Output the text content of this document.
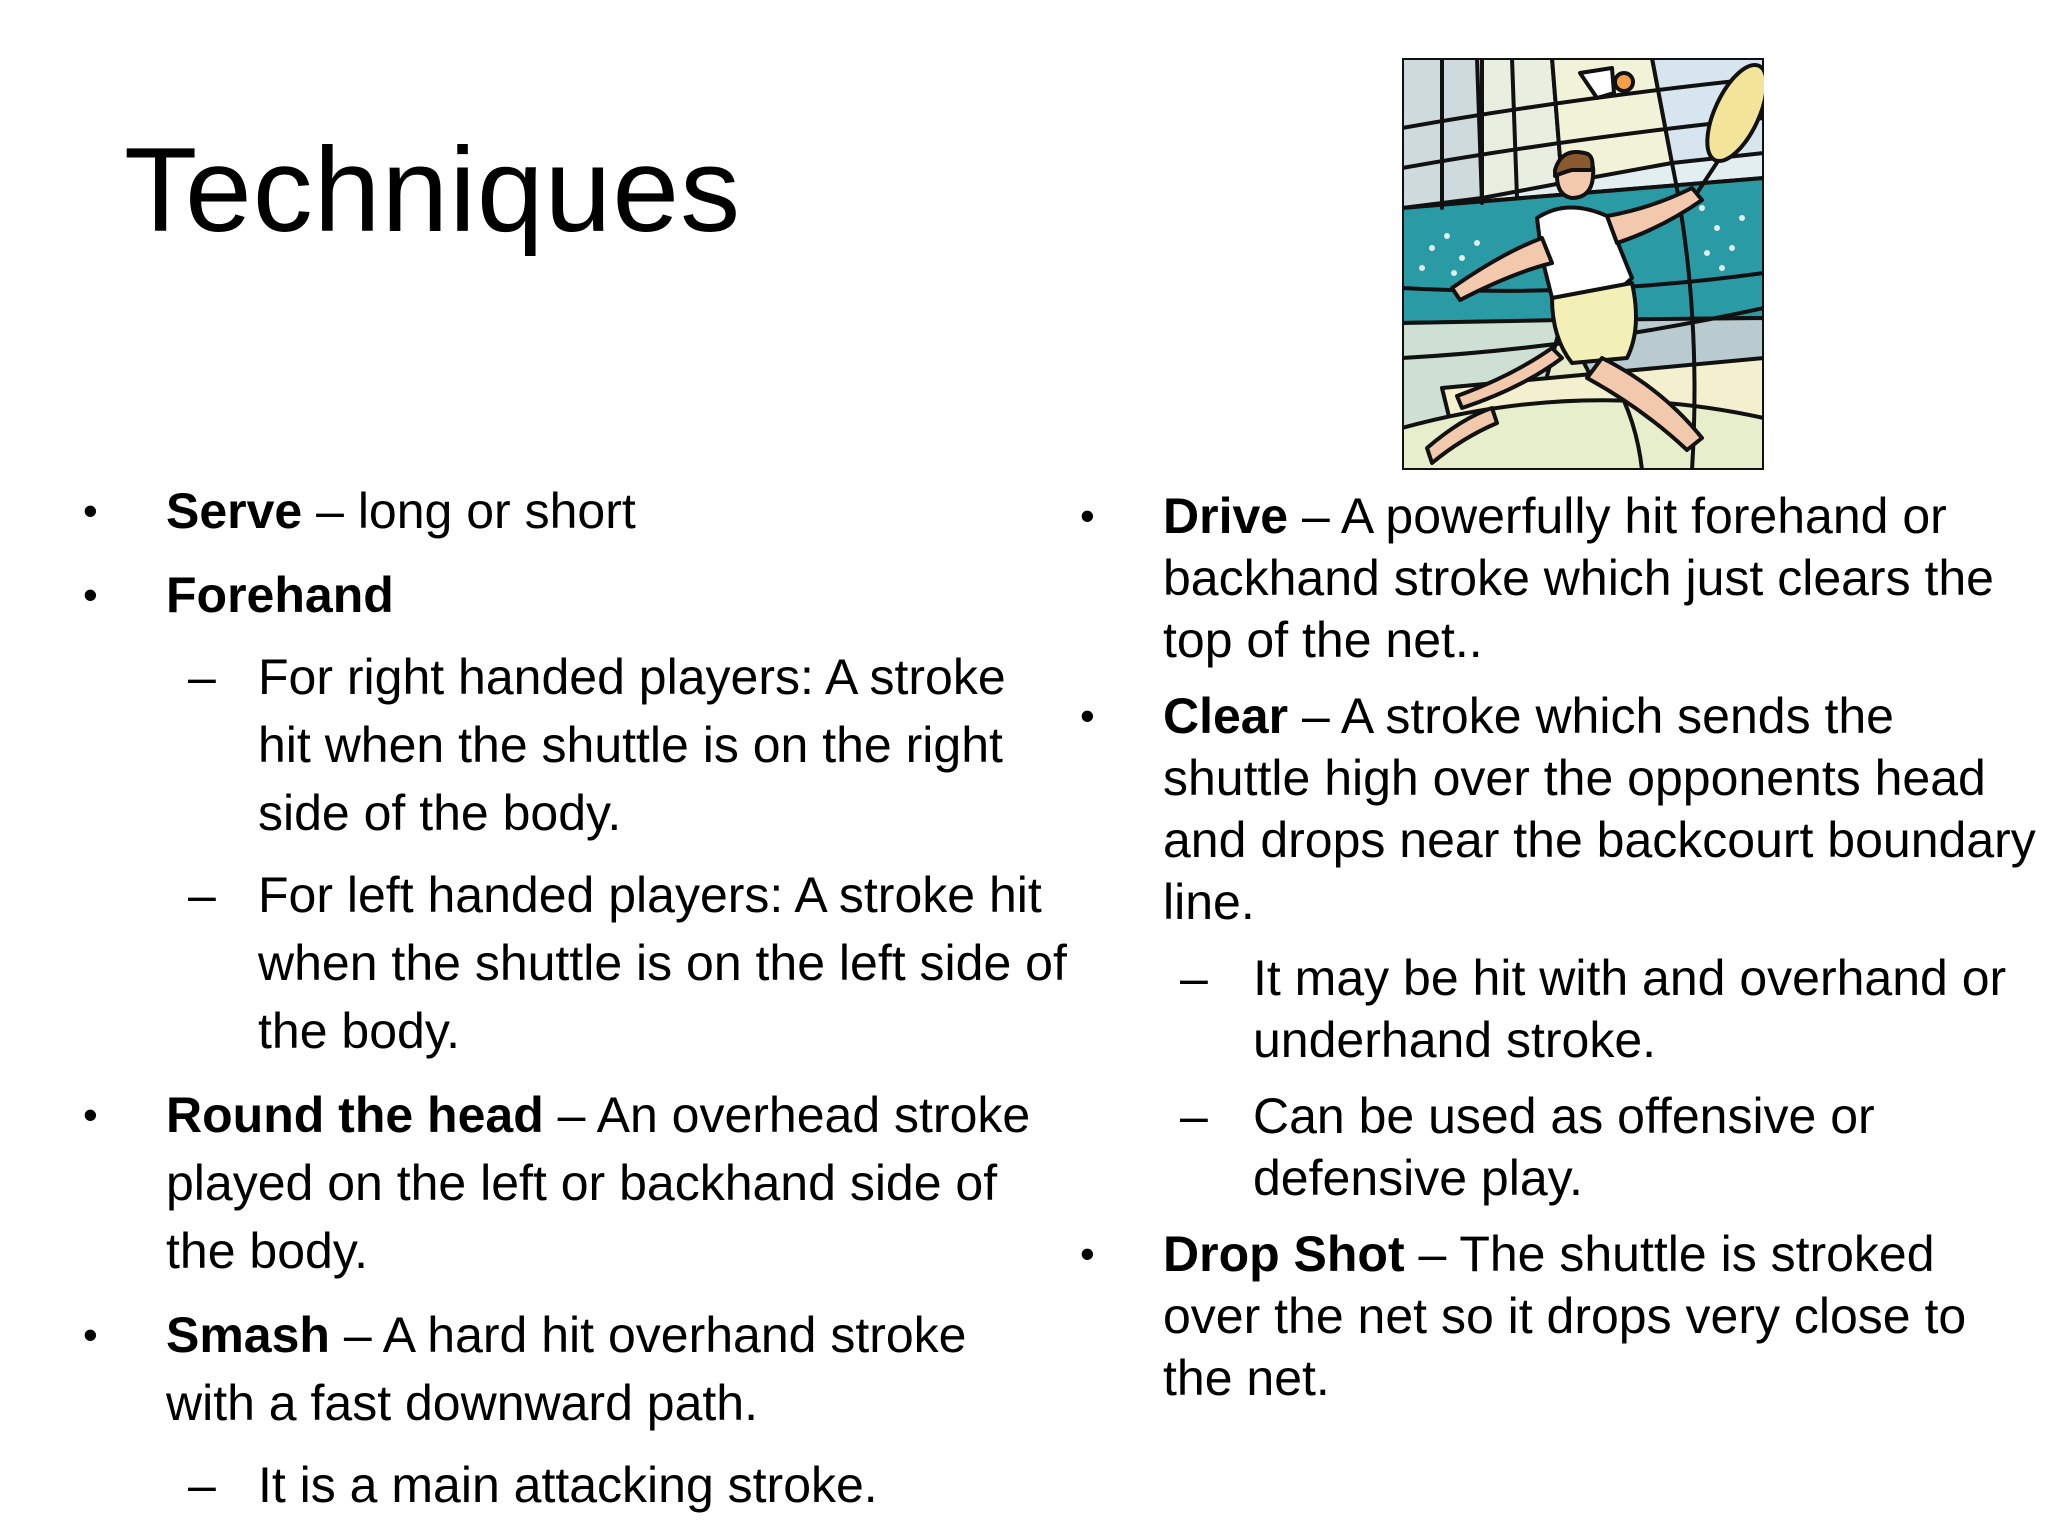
Techniques
• Serve – long or short
• Forehand
– For right handed players: A stroke hit when the shuttle is on the right side of the body.
– For left handed players: A stroke hit when the shuttle is on the left side of the body.
• Round the head – An overhead stroke played on the left or backhand side of the body.
• Smash – A hard hit overhand stroke with a fast downward path.
– It is a main attacking stroke.
• Drive – A powerfully hit forehand or backhand stroke which just clears the top of the net..
• Clear – A stroke which sends the shuttle high over the opponents head and drops near the backcourt boundary line.
– It may be hit with and overhand or underhand stroke.
– Can be used as offensive or defensive play.
• Drop Shot – The shuttle is stroked over the net so it drops very close to the net.
